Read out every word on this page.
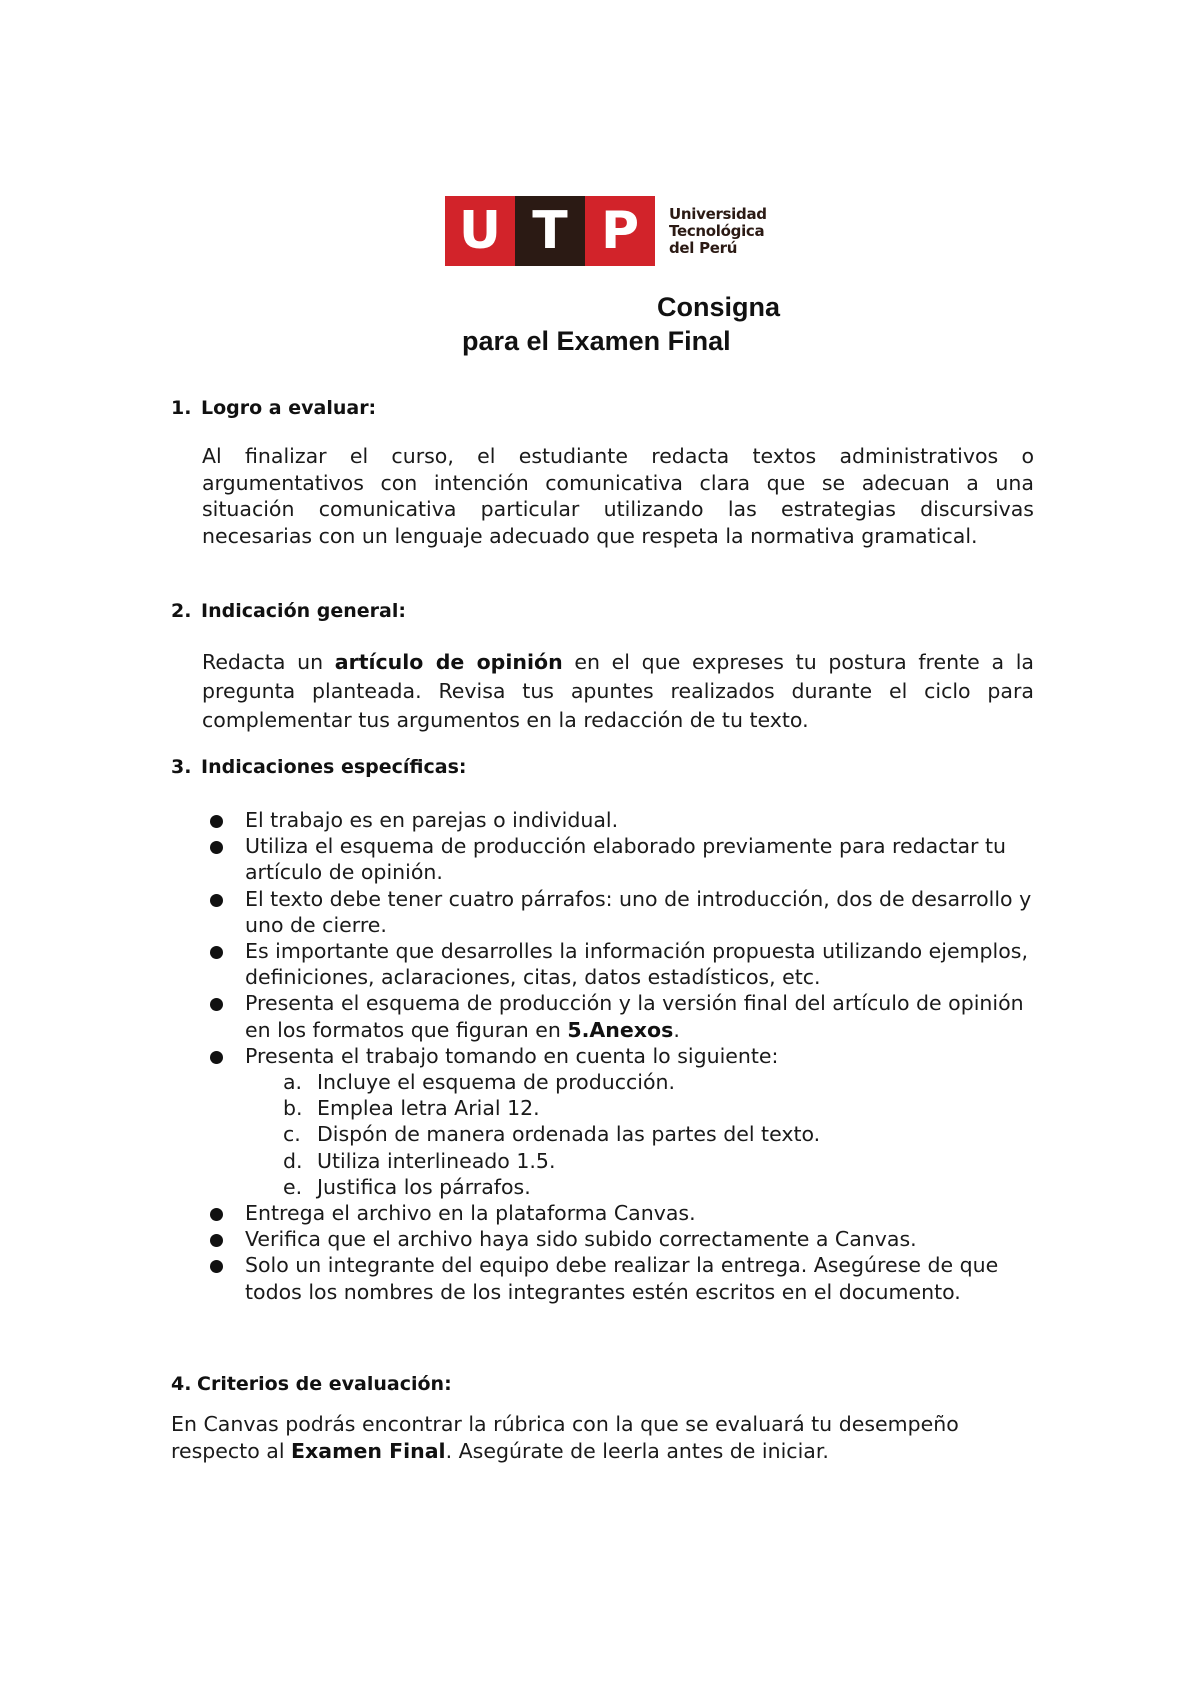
U T P	Universidad
Tecnológica
del Perú
Consigna
para el Examen Final
1. Logro a evaluar:
Al finalizar el curso, el estudiante redacta textos administrativos o argumentativos con intención comunicativa clara que se adecuan a una situación comunicativa particular utilizando las estrategias discursivas necesarias con un lenguaje adecuado que respeta la normativa gramatical.
2. Indicación general:
Redacta un artículo de opinión en el que expreses tu postura frente a la pregunta planteada. Revisa tus apuntes realizados durante el ciclo para complementar tus argumentos en la redacción de tu texto.
3. Indicaciones específicas:
El trabajo es en parejas o individual.
Utiliza el esquema de producción elaborado previamente para redactar tu artículo de opinión.
El texto debe tener cuatro párrafos: uno de introducción, dos de desarrollo y uno de cierre.
Es importante que desarrolles la información propuesta utilizando ejemplos, definiciones, aclaraciones, citas, datos estadísticos, etc.
Presenta el esquema de producción y la versión final del artículo de opinión en los formatos que figuran en 5.Anexos.
Presenta el trabajo tomando en cuenta lo siguiente:
a. Incluye el esquema de producción.
b. Emplea letra Arial 12.
c. Dispón de manera ordenada las partes del texto.
d. Utiliza interlineado 1.5.
e. Justifica los párrafos.
Entrega el archivo en la plataforma Canvas.
Verifica que el archivo haya sido subido correctamente a Canvas.
Solo un integrante del equipo debe realizar la entrega. Asegúrese de que todos los nombres de los integrantes estén escritos en el documento.
4. Criterios de evaluación:
En Canvas podrás encontrar la rúbrica con la que se evaluará tu desempeño respecto al Examen Final. Asegúrate de leerla antes de iniciar.
